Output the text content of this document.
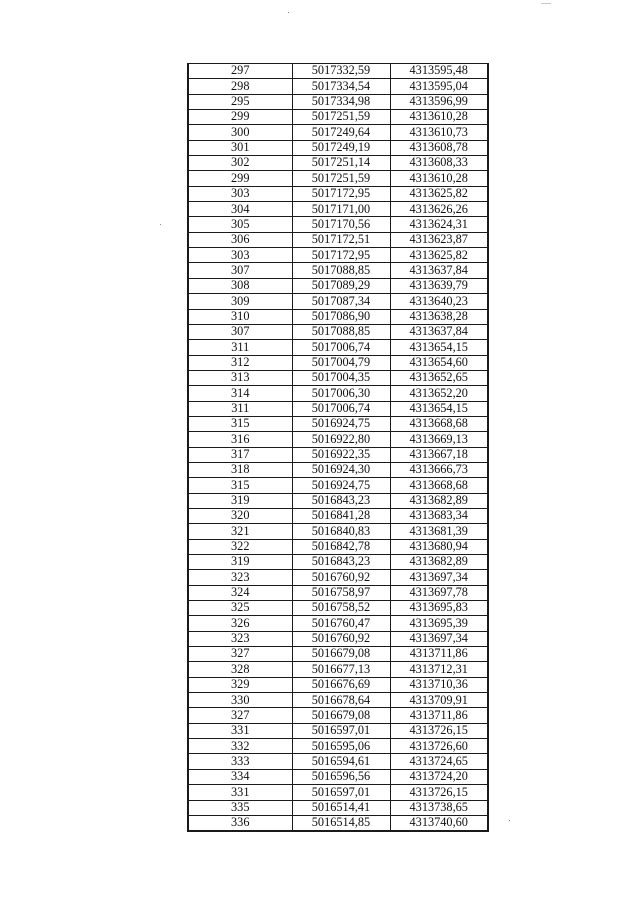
297	5017332,59	4313595,48
298	5017334,54	4313595,04
295	5017334,98	4313596,99
299	5017251,59	4313610,28
300	5017249,64	4313610,73
301	5017249,19	4313608,78
302	5017251,14	4313608,33
299	5017251,59	4313610,28
303	5017172,95	4313625,82
304	5017171,00	4313626,26
305	5017170,56	4313624,31
306	5017172,51	4313623,87
303	5017172,95	4313625,82
307	5017088,85	4313637,84
308	5017089,29	4313639,79
309	5017087,34	4313640,23
310	5017086,90	4313638,28
307	5017088,85	4313637,84
311	5017006,74	4313654,15
312	5017004,79	4313654,60
313	5017004,35	4313652,65
314	5017006,30	4313652,20
311	5017006,74	4313654,15
315	5016924,75	4313668,68
316	5016922,80	4313669,13
317	5016922,35	4313667,18
318	5016924,30	4313666,73
315	5016924,75	4313668,68
319	5016843,23	4313682,89
320	5016841,28	4313683,34
321	5016840,83	4313681,39
322	5016842,78	4313680,94
319	5016843,23	4313682,89
323	5016760,92	4313697,34
324	5016758,97	4313697,78
325	5016758,52	4313695,83
326	5016760,47	4313695,39
323	5016760,92	4313697,34
327	5016679,08	4313711,86
328	5016677,13	4313712,31
329	5016676,69	4313710,36
330	5016678,64	4313709,91
327	5016679,08	4313711,86
331	5016597,01	4313726,15
332	5016595,06	4313726,60
333	5016594,61	4313724,65
334	5016596,56	4313724,20
331	5016597,01	4313726,15
335	5016514,41	4313738,65
336	5016514,85	4313740,60
